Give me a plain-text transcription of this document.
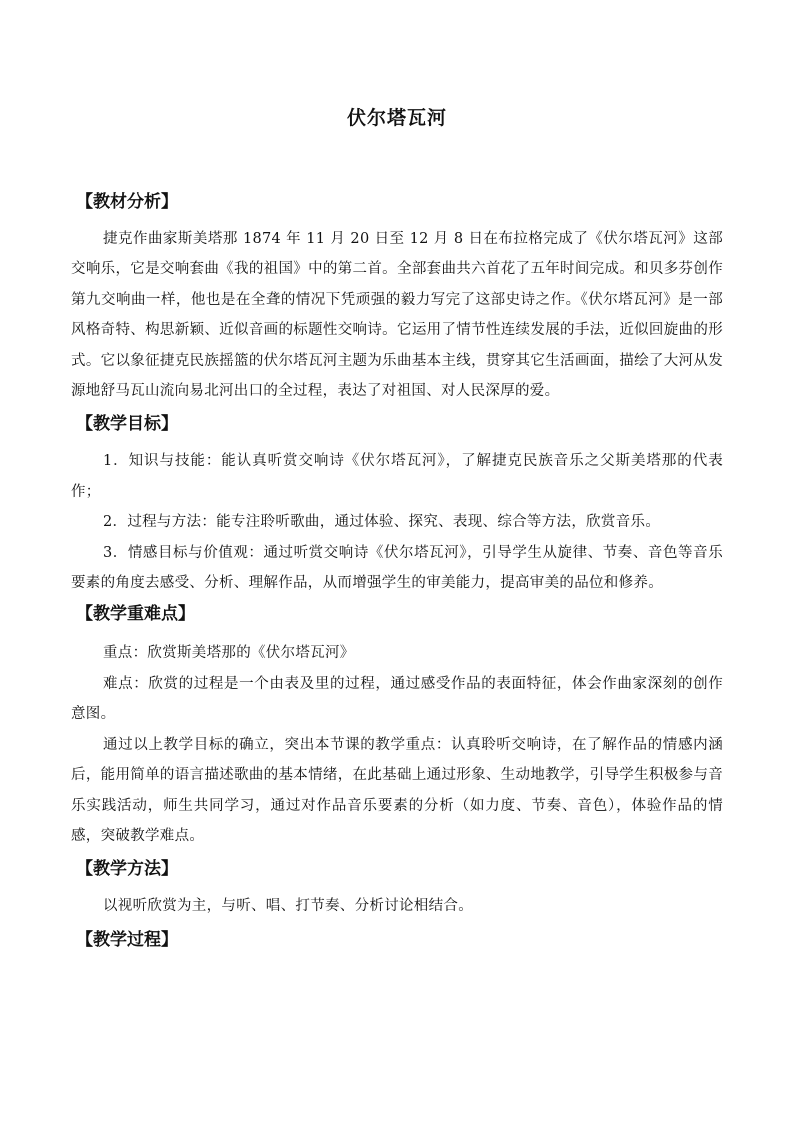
伏尔塔瓦河
【教材分析】

捷克作曲家斯美塔那 1874 年 11 月 20 日至 12 月 8 日在布拉格完成了《伏尔塔瓦河》这部交响乐，它是交响套曲《我的祖国》中的第二首。全部套曲共六首花了五年时间完成。和贝多芬创作第九交响曲一样，他也是在全聋的情况下凭顽强的毅力写完了这部史诗之作。《伏尔塔瓦河》是一部风格奇特、构思新颖、近似音画的标题性交响诗。它运用了情节性连续发展的手法，近似回旋曲的形式。它以象征捷克民族摇篮的伏尔塔瓦河主题为乐曲基本主线，贯穿其它生活画面，描绘了大河从发源地舒马瓦山流向易北河出口的全过程，表达了对祖国、对人民深厚的爱。

【教学目标】

1．知识与技能：能认真听赏交响诗《伏尔塔瓦河》，了解捷克民族音乐之父斯美塔那的代表作；

2．过程与方法：能专注聆听歌曲，通过体验、探究、表现、综合等方法，欣赏音乐。

3．情感目标与价值观：通过听赏交响诗《伏尔塔瓦河》，引导学生从旋律、节奏、音色等音乐要素的角度去感受、分析、理解作品，从而增强学生的审美能力，提高审美的品位和修养。

【教学重难点】

重点：欣赏斯美塔那的《伏尔塔瓦河》

难点：欣赏的过程是一个由表及里的过程，通过感受作品的表面特征，体会作曲家深刻的创作意图。

通过以上教学目标的确立，突出本节课的教学重点：认真聆听交响诗，在了解作品的情感内涵后，能用简单的语言描述歌曲的基本情绪，在此基础上通过形象、生动地教学，引导学生积极参与音乐实践活动，师生共同学习，通过对作品音乐要素的分析（如力度、节奏、音色），体验作品的情感，突破教学难点。

【教学方法】

以视听欣赏为主，与听、唱、打节奏、分析讨论相结合。

【教学过程】
